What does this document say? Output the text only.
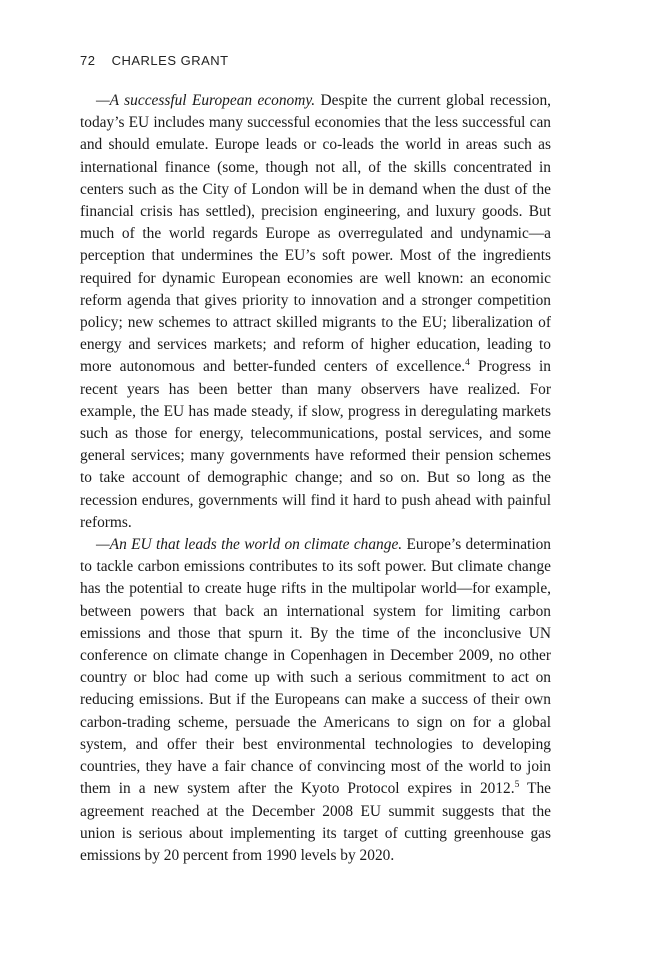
72 CHARLES GRANT

—A successful European economy. Despite the current global recession, today’s EU includes many successful economies that the less successful can and should emulate. Europe leads or co-leads the world in areas such as international finance (some, though not all, of the skills concentrated in centers such as the City of London will be in demand when the dust of the financial crisis has settled), precision engineering, and luxury goods. But much of the world regards Europe as overregulated and undynamic—a perception that undermines the EU’s soft power. Most of the ingredients required for dynamic European economies are well known: an economic reform agenda that gives priority to innovation and a stronger competition policy; new schemes to attract skilled migrants to the EU; liberalization of energy and services markets; and reform of higher education, leading to more autonomous and better-funded centers of excellence.$^4$ Progress in recent years has been better than many observers have realized. For example, the EU has made steady, if slow, progress in deregulating markets such as those for energy, telecommunications, postal services, and some general services; many governments have reformed their pension schemes to take account of demographic change; and so on. But so long as the recession endures, governments will find it hard to push ahead with painful reforms.

—An EU that leads the world on climate change. Europe’s determination to tackle carbon emissions contributes to its soft power. But climate change has the potential to create huge rifts in the multipolar world—for example, between powers that back an international system for limiting carbon emissions and those that spurn it. By the time of the inconclusive UN conference on climate change in Copenhagen in December 2009, no other country or bloc had come up with such a serious commitment to act on reducing emissions. But if the Europeans can make a success of their own carbon-trading scheme, persuade the Americans to sign on for a global system, and offer their best environmental technologies to developing countries, they have a fair chance of convincing most of the world to join them in a new system after the Kyoto Protocol expires in 2012.$^5$ The agreement reached at the December 2008 EU summit suggests that the union is serious about implementing its target of cutting greenhouse gas emissions by 20 percent from 1990 levels by 2020.
